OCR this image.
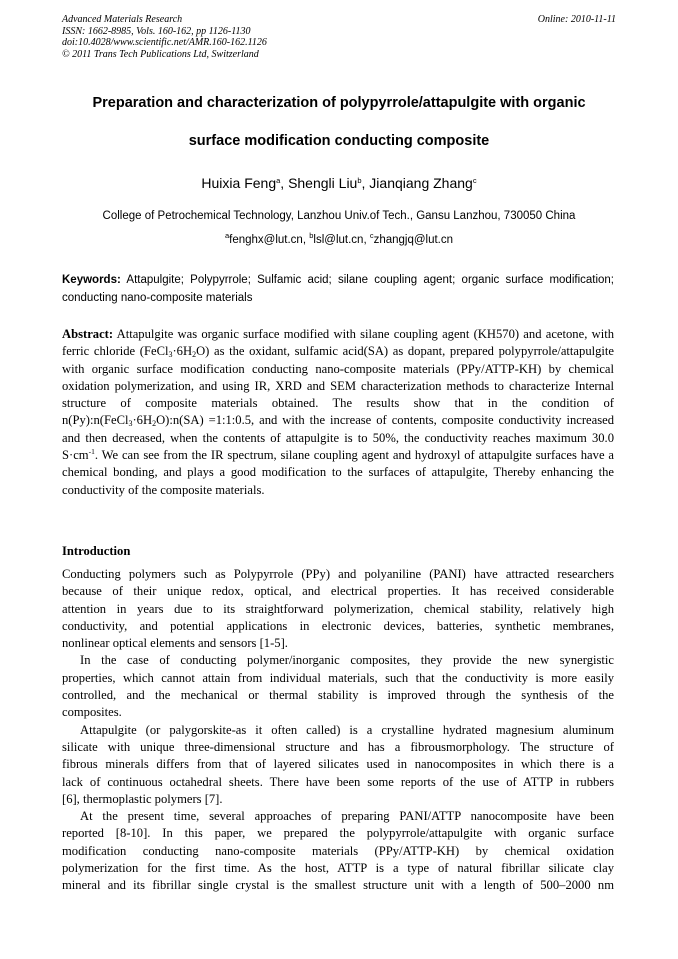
Advanced Materials Research
ISSN: 1662-8985, Vols. 160-162, pp 1126-1130
doi:10.4028/www.scientific.net/AMR.160-162.1126
© 2011 Trans Tech Publications Ltd, Switzerland
Online: 2010-11-11
Preparation and characterization of polypyrrole/attapulgite with organic
surface modification conducting composite
Huixia Feng$^a$, Shengli Liu$^b$, Jianqiang Zhang$^c$
College of Petrochemical Technology, Lanzhou Univ.of Tech., Gansu Lanzhou, 730050 China
$^a$fenghx@lut.cn, $^b$lsl@lut.cn, $^c$zhangjq@lut.cn
Keywords: Attapulgite; Polypyrrole; Sulfamic acid; silane coupling agent; organic surface modification; conducting nano-composite materials
Abstract: Attapulgite was organic surface modified with silane coupling agent (KH570) and acetone, with ferric chloride $(FeCl_3\cdot 6H_2O)$ as the oxidant, sulfamic acid(SA) as dopant, prepared polypyrrole/attapulgite with organic surface modification conducting nano-composite materials (PPy/ATTP-KH) by chemical oxidation polymerization, and using IR, XRD and SEM characterization methods to characterize Internal structure of composite materials obtained. The results show that in the condition of $n(Py):n(FeCl_3\cdot 6H_2O):n(SA)$ =1:1:0.5, and with the increase of contents, composite conductivity increased and then decreased, when the contents of attapulgite is to 50%, the conductivity reaches maximum 30.0 $S\cdot cm^{-1}$. We can see from the IR spectrum, silane coupling agent and hydroxyl of attapulgite surfaces have a chemical bonding, and plays a good modification to the surfaces of attapulgite, Thereby enhancing the conductivity of the composite materials.
Introduction

Conducting polymers such as Polypyrrole (PPy) and polyaniline (PANI) have attracted researchers
because of their unique redox, optical, and electrical properties. It has received considerable
attention in years due to its straightforward polymerization, chemical stability, relatively high
conductivity, and potential applications in electronic devices, batteries, synthetic membranes,
nonlinear optical elements and sensors [1-5].

In the case of conducting polymer/inorganic composites, they provide the new synergistic
properties, which cannot attain from individual materials, such that the conductivity is more easily
controlled, and the mechanical or thermal stability is improved through the synthesis of the
composites.

Attapulgite (or palygorskite-as it often called) is a crystalline hydrated magnesium aluminum
silicate with unique three-dimensional structure and has a fibrousmorphology. The structure of
fibrous minerals differs from that of layered silicates used in nanocomposites in which there is a
lack of continuous octahedral sheets. There have been some reports of the use of ATTP in rubbers
[6], thermoplastic polymers [7].

At the present time, several approaches of preparing PANI/ATTP nanocomposite have been
reported [8-10]. In this paper, we prepared the polypyrrole/attapulgite with organic surface
modification conducting nano-composite materials (PPy/ATTP-KH) by chemical oxidation
polymerization for the first time. As the host, ATTP is a type of natural fibrillar silicate clay
mineral and its fibrillar single crystal is the smallest structure unit with a length of 500–2000 nm
